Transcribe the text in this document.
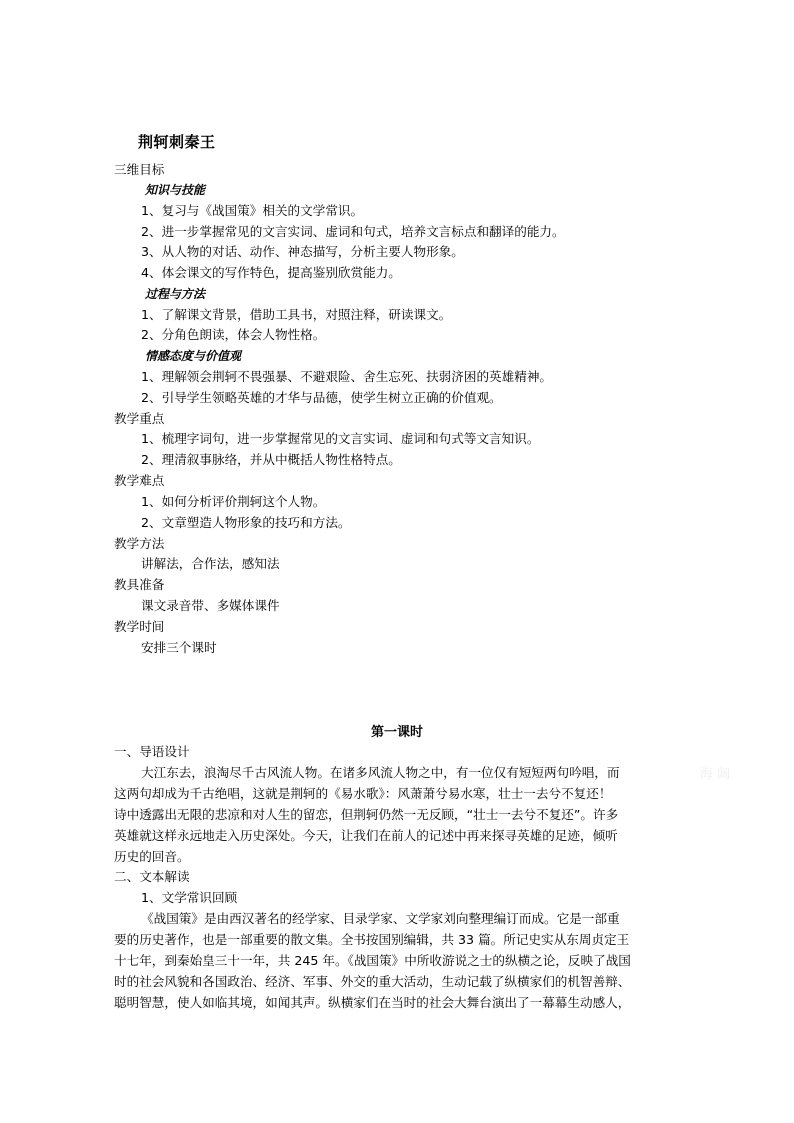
荆轲刺秦王
三维目标
知识与技能
1、复习与《战国策》相关的文学常识。
2、进一步掌握常见的文言实词、虚词和句式，培养文言标点和翻译的能力。
3、从人物的对话、动作、神态描写，分析主要人物形象。
4、体会课文的写作特色，提高鉴别欣赏能力。
过程与方法
1、了解课文背景，借助工具书，对照注释，研读课文。
2、分角色朗读，体会人物性格。
情感态度与价值观
1、理解领会荆轲不畏强暴、不避艰险、舍生忘死、扶弱济困的英雄精神。
2、引导学生领略英雄的才华与品德，使学生树立正确的价值观。
教学重点
1、梳理字词句，进一步掌握常见的文言实词、虚词和句式等文言知识。
2、理清叙事脉络，并从中概括人物性格特点。
教学难点
1、如何分析评价荆轲这个人物。
2、文章塑造人物形象的技巧和方法。
教学方法
讲解法，合作法，感知法
教具准备
课文录音带、多媒体课件
教学时间
安排三个课时
第一课时
一、导语设计
大江东去，浪淘尽千古风流人物。在诸多风流人物之中，有一位仅有短短两句吟唱，而
这两句却成为千古绝唱，这就是荆轲的《易水歌》：风萧萧兮易水寒，壮士一去兮不复还！
诗中透露出无限的悲凉和对人生的留恋，但荆轲仍然一无反顾，“壮士一去兮不复还”。许多
英雄就这样永远地走入历史深处。今天，让我们在前人的记述中再来探寻英雄的足迹，倾听
历史的回音。
二、文本解读
1、文学常识回顾
《战国策》是由西汉著名的经学家、目录学家、文学家刘向整理编订而成。它是一部重
要的历史著作，也是一部重要的散文集。全书按国别编辑，共 33 篇。所记史实从东周贞定王
十七年，到秦始皇三十一年，共 245 年。《战国策》中所收游说之士的纵横之论，反映了战国
时的社会风貌和各国政治、经济、军事、外交的重大活动，生动记载了纵横家们的机智善辩、
聪明智慧，使人如临其境，如闻其声。纵横家们在当时的社会大舞台演出了一幕幕生动感人，
海 阔
